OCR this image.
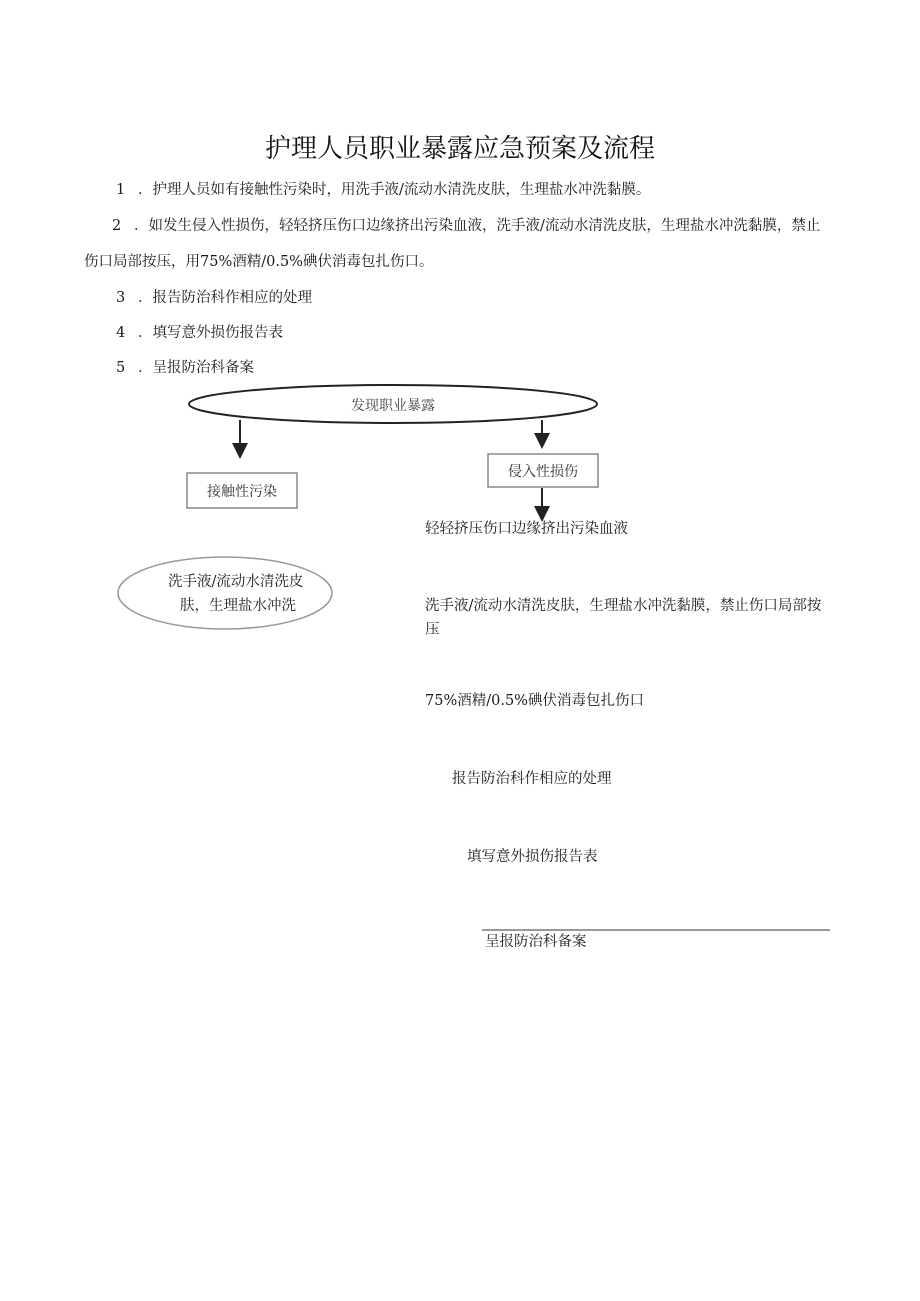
护理人员职业暴露应急预案及流程
1 ．护理人员如有接触性污染时，用洗手液/流动水清洗皮肤，生理盐水冲洗黏膜。
2 ．如发生侵入性损伤，轻轻挤压伤口边缘挤出污染血液，洗手液/流动水清洗皮肤，生理盐水冲洗黏膜，禁止伤口局部按压，用75%酒精/0.5%碘伏消毒包扎伤口。
3 ．报告防治科作相应的处理
4 ．填写意外损伤报告表
5 ．呈报防治科备案
发现职业暴露
接触性污染
侵入性损伤
洗手液/流动水清洗皮
肤，生理盐水冲洗
轻轻挤压伤口边缘挤出污染血液
洗手液/流动水清洗皮肤，生理盐水冲洗黏膜，禁止伤口局部按压
75%酒精/0.5%碘伏消毒包扎伤口
报告防治科作相应的处理
填写意外损伤报告表
呈报防治科备案
